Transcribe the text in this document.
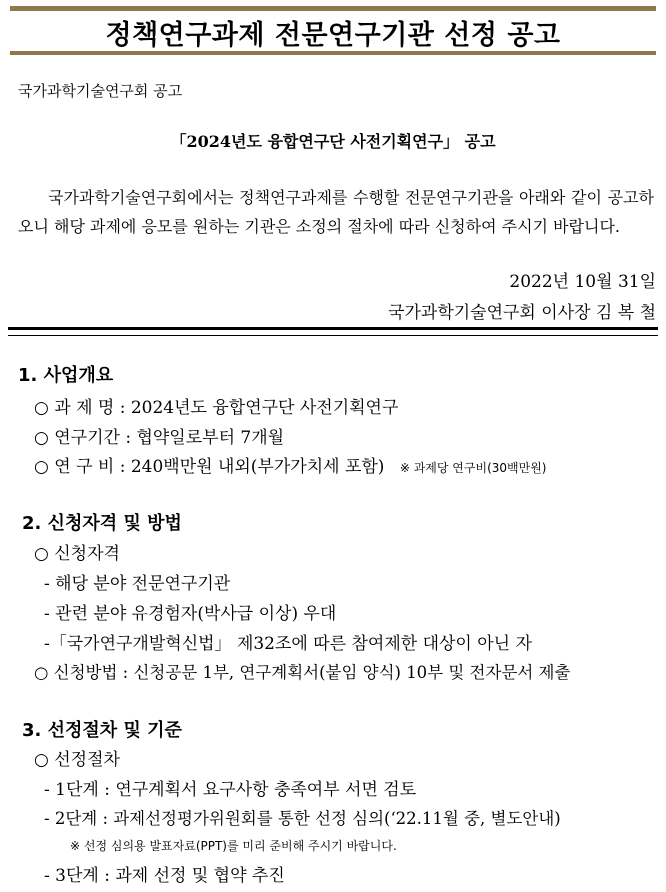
정책연구과제 전문연구기관 선정 공고
국가과학기술연구회 공고
「2024년도 융합연구단 사전기획연구」 공고
국가과학기술연구회에서는 정책연구과제를 수행할 전문연구기관을 아래와 같이 공고하오니 해당 과제에 응모를 원하는 기관은 소정의 절차에 따라 신청하여 주시기 바랍니다.
2022년 10월 31일
국가과학기술연구회 이사장 김 복 철
1. 사업개요
○ 과 제 명 : 2024년도 융합연구단 사전기획연구
○ 연구기간 : 협약일로부터 7개월
○ 연 구 비 : 240백만원 내외(부가가치세 포함) ※ 과제당 연구비(30백만원)
2. 신청자격 및 방법
○ 신청자격
- 해당 분야 전문연구기관
- 관련 분야 유경험자(박사급 이상) 우대
-「국가연구개발혁신법」 제32조에 따른 참여제한 대상이 아닌 자
○ 신청방법 : 신청공문 1부, 연구계획서(붙임 양식) 10부 및 전자문서 제출
3. 선정절차 및 기준
○ 선정절차
- 1단계 : 연구계획서 요구사항 충족여부 서면 검토
- 2단계 : 과제선정평가위원회를 통한 선정 심의(‘22.11월 중, 별도안내)
※ 선정 심의용 발표자료(PPT)를 미리 준비해 주시기 바랍니다.
- 3단계 : 과제 선정 및 협약 추진
